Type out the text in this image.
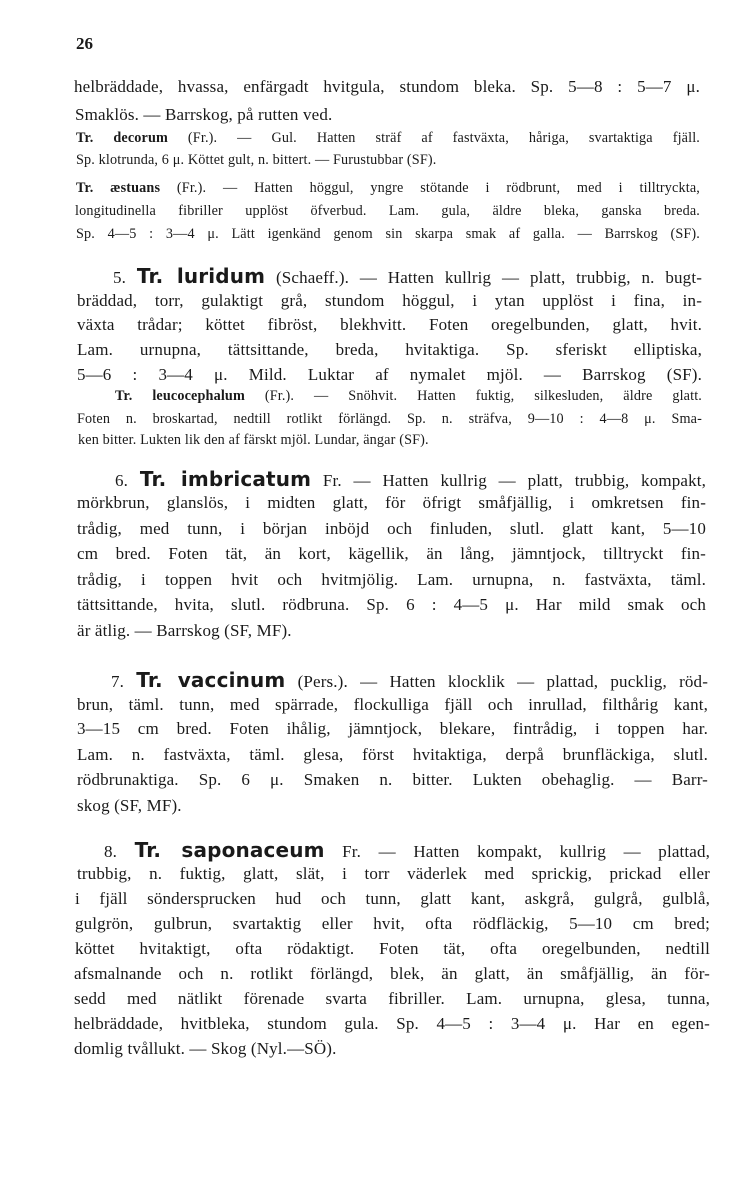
26
helbräddade, hvassa, enfärgadt hvitgula, stundom bleka. Sp. 5—8 : 5—7 μ.
Smaklös. — Barrskog, på rutten ved.
Tr. decorum (Fr.). — Gul. Hatten sträf af fastväxta, håriga, svartaktiga fjäll.
Sp. klotrunda, 6 μ. Köttet gult, n. bittert. — Furustubbar (SF).
Tr. æstuans (Fr.). — Hatten höggul, yngre stötande i rödbrunt, med i tilltryckta,
longitudinella fibriller upplöst öfverbud. Lam. gula, äldre bleka, ganska breda.
Sp. 4—5 : 3—4 μ. Lätt igenkänd genom sin skarpa smak af galla. — Barrskog (SF).
5. Tr. luridum (Schaeff.). — Hatten kullrig — platt, trubbig, n. bugt-
bräddad, torr, gulaktigt grå, stundom höggul, i ytan upplöst i fina, in-
växta trådar; köttet fibröst, blekhvitt. Foten oregelbunden, glatt, hvit.
Lam. urnupna, tättsittande, breda, hvitaktiga. Sp. sferiskt elliptiska,
5—6 : 3—4 μ. Mild. Luktar af nymalet mjöl. — Barrskog (SF).
Tr. leucocephalum (Fr.). — Snöhvit. Hatten fuktig, silkesluden, äldre glatt.
Foten n. broskartad, nedtill rotlikt förlängd. Sp. n. sträfva, 9—10 : 4—8 μ. Sma-
ken bitter. Lukten lik den af färskt mjöl. Lundar, ängar (SF).
6. Tr. imbricatum Fr. — Hatten kullrig — platt, trubbig, kompakt,
mörkbrun, glanslös, i midten glatt, för öfrigt småfjällig, i omkretsen fin-
trådig, med tunn, i början inböjd och finluden, slutl. glatt kant, 5—10
cm bred. Foten tät, än kort, kägellik, än lång, jämntjock, tilltryckt fin-
trådig, i toppen hvit och hvitmjölig. Lam. urnupna, n. fastväxta, täml.
tättsittande, hvita, slutl. rödbruna. Sp. 6 : 4—5 μ. Har mild smak och
är ätlig. — Barrskog (SF, MF).
7. Tr. vaccinum (Pers.). — Hatten klocklik — plattad, pucklig, röd-
brun, täml. tunn, med spärrade, flockulliga fjäll och inrullad, filthårig kant,
3—15 cm bred. Foten ihålig, jämntjock, blekare, fintrådig, i toppen har.
Lam. n. fastväxta, täml. glesa, först hvitaktiga, derpå brunfläckiga, slutl.
rödbrunaktiga. Sp. 6 μ. Smaken n. bitter. Lukten obehaglig. — Barr-
skog (SF, MF).
8. Tr. saponaceum Fr. — Hatten kompakt, kullrig — plattad,
trubbig, n. fuktig, glatt, slät, i torr väderlek med sprickig, prickad eller
i fjäll söndersprucken hud och tunn, glatt kant, askgrå, gulgrå, gulblå,
gulgrön, gulbrun, svartaktig eller hvit, ofta rödfläckig, 5—10 cm bred;
köttet hvitaktigt, ofta rödaktigt. Foten tät, ofta oregelbunden, nedtill
afsmalnande och n. rotlikt förlängd, blek, än glatt, än småfjällig, än för-
sedd med nätlikt förenade svarta fibriller. Lam. urnupna, glesa, tunna,
helbräddade, hvitbleka, stundom gula. Sp. 4—5 : 3—4 μ. Har en egen-
domlig tvållukt. — Skog (Nyl.—SÖ).
